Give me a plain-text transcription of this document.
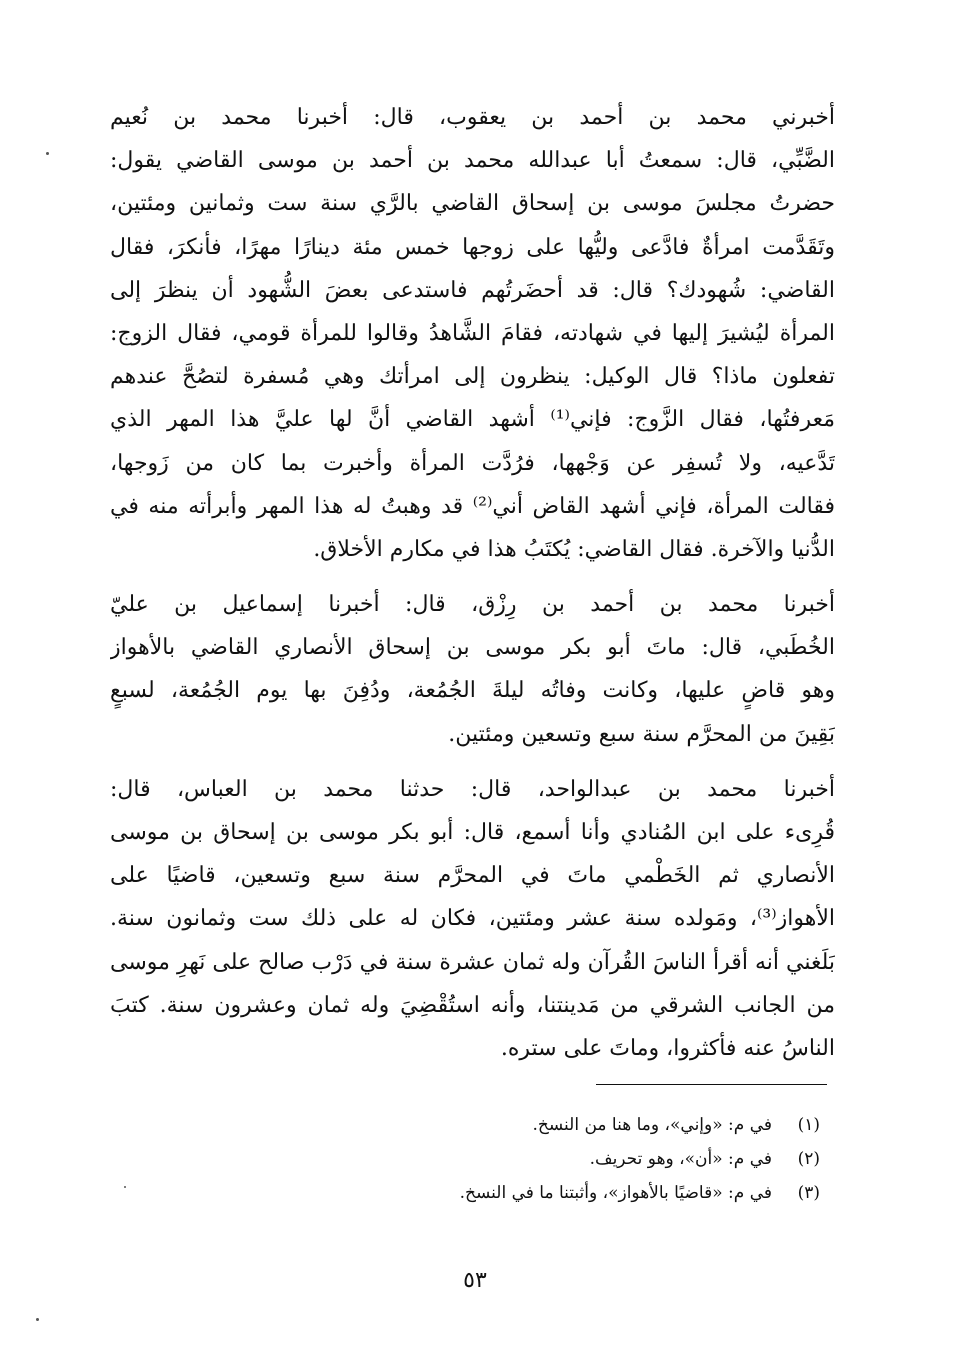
أخبرني محمد بن أحمد بن يعقوب، قال: أخبرنا محمد بن نُعيم
الضَّبِّي، قال: سمعتُ أبا عبدالله محمد بن أحمد بن موسى القاضي يقول:
حضرتُ مجلسَ موسى بن إسحاق القاضي بالرَّي سنة ست وثمانين ومئتين،
وتَقَدَّمت امرأةٌ فادَّعى وليُّها على زوجها خمس مئة دينارًا مهرًا، فأنكرَ، فقال
القاضي: شُهودك؟ قال: قد أحضَرتُهم فاستدعى بعضَ الشُّهود أن ينظرَ إلى
المرأة ليُشيرَ إليها في شهادته، فقامَ الشَّاهدُ وقالوا للمرأة قومي، فقال الزوج:
تفعلون ماذا؟ قال الوكيل: ينظرون إلى امرأتك وهي مُسفرة لتصُحَّ عندهم
مَعرفتُها، فقال الزَّوج: فإني⁽¹⁾ أشهد القاضي أنَّ لها عليَّ هذا المهر الذي
تَدَّعيه، ولا تُسفِر عن وَجْهها، فرُدَّت المرأة وأخبرت بما كان من زَوجها،
فقالت المرأة، فإني أشهد القاض أني⁽²⁾ قد وهبتُ له هذا المهر وأبرأته منه في
الدُّنيا والآخرة. فقال القاضي: يُكتَبُ هذا في مكارم الأخلاق.
أخبرنا محمد بن أحمد بن رِزْق، قال: أخبرنا إسماعيل بن عليّ
الخُطَبي، قال: ماتَ أبو بكر موسى بن إسحاق الأنصاري القاضي بالأهواز
وهو قاضٍ عليها، وكانت وفاتُه ليلةَ الجُمُعة، ودُفِنَ بها يوم الجُمُعة، لسبعٍ
بَقِينَ من المحرَّم سنة سبع وتسعين ومئتين.
أخبرنا محمد بن عبدالواحد، قال: حدثنا محمد بن العباس، قال:
قُرِىء على ابن المُنادي وأنا أسمع، قال: أبو بكر موسى بن إسحاق بن موسى
الأنصاري ثم الخَطْمي ماتَ في المحرَّم سنة سبع وتسعين، قاضيًا على
الأهواز⁽³⁾، ومَولده سنة عشر ومئتين، فكان له على ذلك ست وثمانون سنة.
بَلَغني أنه أقرأ الناسَ القُرآن وله ثمان عشرة سنة في دَرْب صالح على نَهرِ موسى
من الجانب الشرقي من مَدينتنا، وأنه استُقْضِيَ وله ثمان وعشرون سنة. كتبَ
الناسُ عنه فأكثروا، وماتَ على ستره.
(١)في م: «وإني»، وما هنا من النسخ.
(٢)في م: «أن»، وهو تحريف.
(٣)في م: «قاضيًا بالأهواز»، وأثبتنا ما في النسخ.
٥٣
